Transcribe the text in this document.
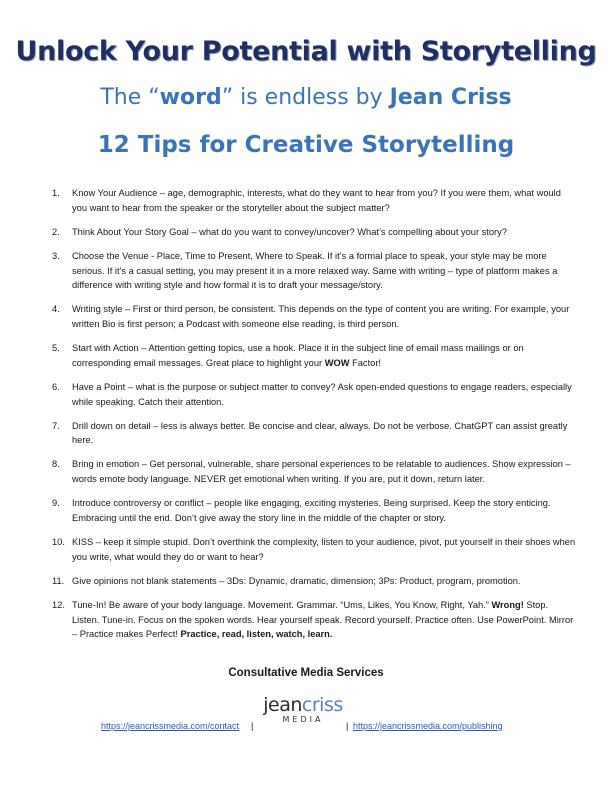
Unlock Your Potential with Storytelling
The “word” is endless by Jean Criss
12 Tips for Creative Storytelling
1. Know Your Audience – age, demographic, interests, what do they want to hear from you? If you were them, what would you want to hear from the speaker or the storyteller about the subject matter?
2. Think About Your Story Goal – what do you want to convey/uncover? What’s compelling about your story?
3. Choose the Venue - Place, Time to Present, Where to Speak. If it’s a formal place to speak, your style may be more serious. If it’s a casual setting, you may present it in a more relaxed way. Same with writing – type of platform makes a difference with writing style and how formal it is to draft your message/story.
4. Writing style – First or third person, be consistent. This depends on the type of content you are writing. For example, your written Bio is first person; a Podcast with someone else reading, is third person.
5. Start with Action – Attention getting topics, use a hook. Place it in the subject line of email mass mailings or on corresponding email messages. Great place to highlight your WOW Factor!
6. Have a Point – what is the purpose or subject matter to convey? Ask open-ended questions to engage readers, especially while speaking. Catch their attention.
7. Drill down on detail – less is always better. Be concise and clear, always. Do not be verbose. ChatGPT can assist greatly here.
8. Bring in emotion – Get personal, vulnerable, share personal experiences to be relatable to audiences. Show expression – words emote body language. NEVER get emotional when writing. If you are, put it down, return later.
9. Introduce controversy or conflict – people like engaging, exciting mysteries. Being surprised. Keep the story enticing. Embracing until the end. Don’t give away the story line in the middle of the chapter or story.
10. KISS – keep it simple stupid. Don’t overthink the complexity, listen to your audience, pivot, put yourself in their shoes when you write, what would they do or want to hear?
11. Give opinions not blank statements – 3Ds: Dynamic, dramatic, dimension; 3Ps: Product, program, promotion.
12. Tune-In! Be aware of your body language. Movement. Grammar. “Ums, Likes, You Know, Right, Yah.” Wrong! Stop. Listen. Tune-in. Focus on the spoken words. Hear yourself speak. Record yourself. Practice often. Use PowerPoint. Mirror – Practice makes Perfect! Practice, read, listen, watch, learn.
Consultative Media Services
https://jeancrissmedia.com/contact |
jeancriss
MEDIA
| https://jeancrissmedia.com/publishing
